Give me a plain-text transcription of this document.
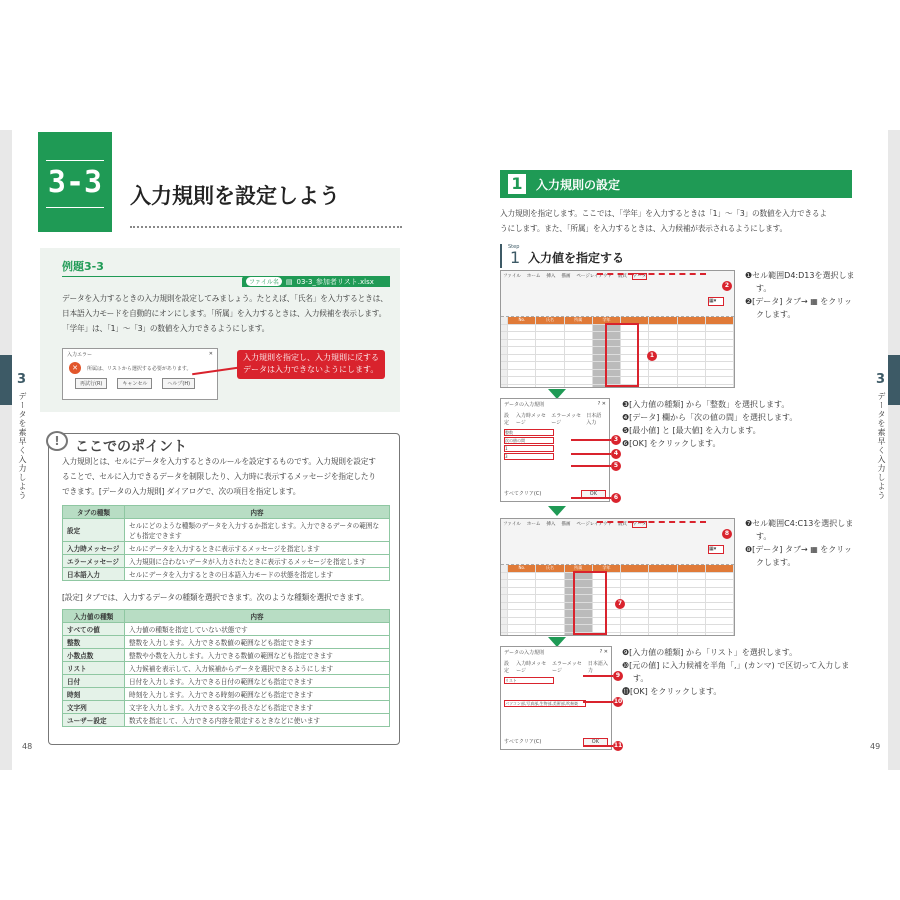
3
データを素早く入力しよう
3-3	入力規則を設定しよう
例題3-3
ファイル名	▤ 03-3_参加者リスト.xlsx
データを入力するときの入力規則を設定してみましょう。たとえば、「氏名」を入力するときは、
日本語入力モードを自動的にオンにします。「所属」を入力するときは、入力候補を表示します。
「学年」は、「1」～「3」の数値を入力できるようにします。
入力エラー	✕
✕	所属は、リストから選択する必要があります。
再試行(R)	キャンセル	ヘルプ(H)
入力規則を指定し、入力規則に反する
データは入力できないようにします。
!	ここでのポイント
入力規則とは、セルにデータを入力するときのルールを設定するものです。入力規則を設定す
ることで、セルに入力できるデータを制限したり、入力時に表示するメッセージを指定したり
できます。[データの入力規則] ダイアログで、次の項目を指定します。
タブの種類	内容
設定	セルにどのような種類のデータを入力するか指定します。入力できるデータの範囲なども指定できます
入力時メッセージ	セルにデータを入力するときに表示するメッセージを指定します
エラーメッセージ	入力規則に合わないデータが入力されたときに表示するメッセージを指定します
日本語入力	セルにデータを入力するときの日本語入力モードの状態を指定します
[設定] タブでは、入力するデータの種類を選択できます。次のような種類を選択できます。
入力値の種類	内容
すべての値	入力値の種類を指定していない状態です
整数	整数を入力します。入力できる数値の範囲なども指定できます
小数点数	整数や小数を入力します。入力できる数値の範囲なども指定できます
リスト	入力候補を表示して、入力候補からデータを選択できるようにします
日付	日付を入力します。入力できる日付の範囲なども指定できます
時刻	時刻を入力します。入力できる時刻の範囲なども指定できます
文字列	文字を入力します。入力できる文字の長さなども指定できます
ユーザー設定	数式を指定して、入力できる内容を限定するときなどに使います
48
3
データを素早く入力しよう
1 入力規則の設定
入力規則を指定します。ここでは、「学年」を入力するときは「1」～「3」の数値を入力できるよ
うにします。また、「所属」を入力するときは、入力候補が表示されるようにします。
Step
1 入力値を指定する
ファイル ホーム 挿入 描画 ページレイアウト 数式 データ
▦▾
2
No.	氏名	所属	学年
1
ファイル ホーム 挿入 描画 ページレイアウト 数式 データ
▦▾
8
No.	氏名	所属	学年
7
❶セル範囲D4:D13を選択します。
❷[データ] タブ→ ▦ をクリックします。
データの入力規則	? ✕
設定
入力時メッセージ
エラーメッセージ
日本語入力
整数
次の値の間
1
3
すべてクリア(C)	OK
3
4
5
6
❸[入力値の種類] から「整数」を選択します。
❹[データ] 欄から「次の値の間」を選択します。
❺[最小値] と [最大値] を入力します。
❻[OK] をクリックします。
❼セル範囲C4:C13を選択します。
❽[データ] タブ→ ▦ をクリックします。
データの入力規則	? ✕
設定
入力時メッセージ
エラーメッセージ
日本語入力
リスト
パソコン部,写真部,生物部,美術部,吹奏楽
すべてクリア(C)	OK
9
10
11
❾[入力値の種類] から「リスト」を選択します。
❿[元の値] に入力候補を半角「,」(カンマ) で区切って入力します。
⓫[OK] をクリックします。
49
